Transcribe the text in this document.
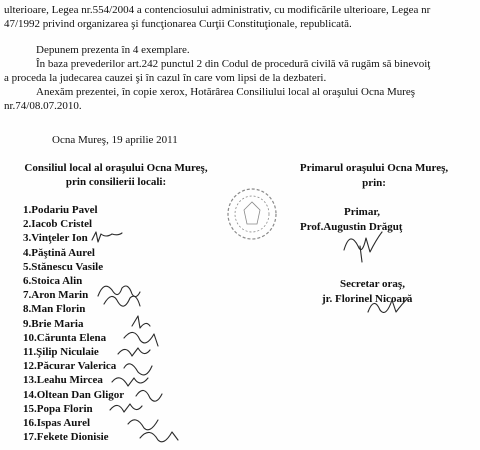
ulterioare, Legea nr.554/2004 a contenciosului administrativ, cu modificările ulterioare, Legea nr
47/1992 privind organizarea şi funcţionarea Curţii Constituţionale, republicată.
Depunem prezenta în 4 exemplare.
În baza prevederilor art.242 punctul 2 din Codul de procedură civilă vă rugăm să binevoiţ
a proceda la judecarea cauzei şi în cazul în care vom lipsi de la dezbateri.
Anexăm prezentei, în copie xerox, Hotărârea Consiliului local al oraşului Ocna Mureş
nr.74/08.07.2010.
Ocna Mureş, 19 aprilie 2011
Consiliul local al oraşului Ocna Mureş,
prin consilierii locali:
1.Podariu Pavel
2.Iacob Cristel
3.Vinţeler Ion
4.Păştină Aurel
5.Stănescu Vasile
6.Stoica Alin
7.Aron Marin
8.Man Florin
9.Brie Maria
10.Cărunta Elena
11.Şilip Niculaie
12.Păcurar Valerica
13.Leahu Mircea
14.Oltean Dan Gligor
15.Popa Florin
16.Ispas Aurel
17.Fekete Dionisie
Primarul oraşului Ocna Mureş,
prin:
Primar,
Prof.Augustin Drăguţ
Secretar oraş,
jr. Florinel Nicoară
